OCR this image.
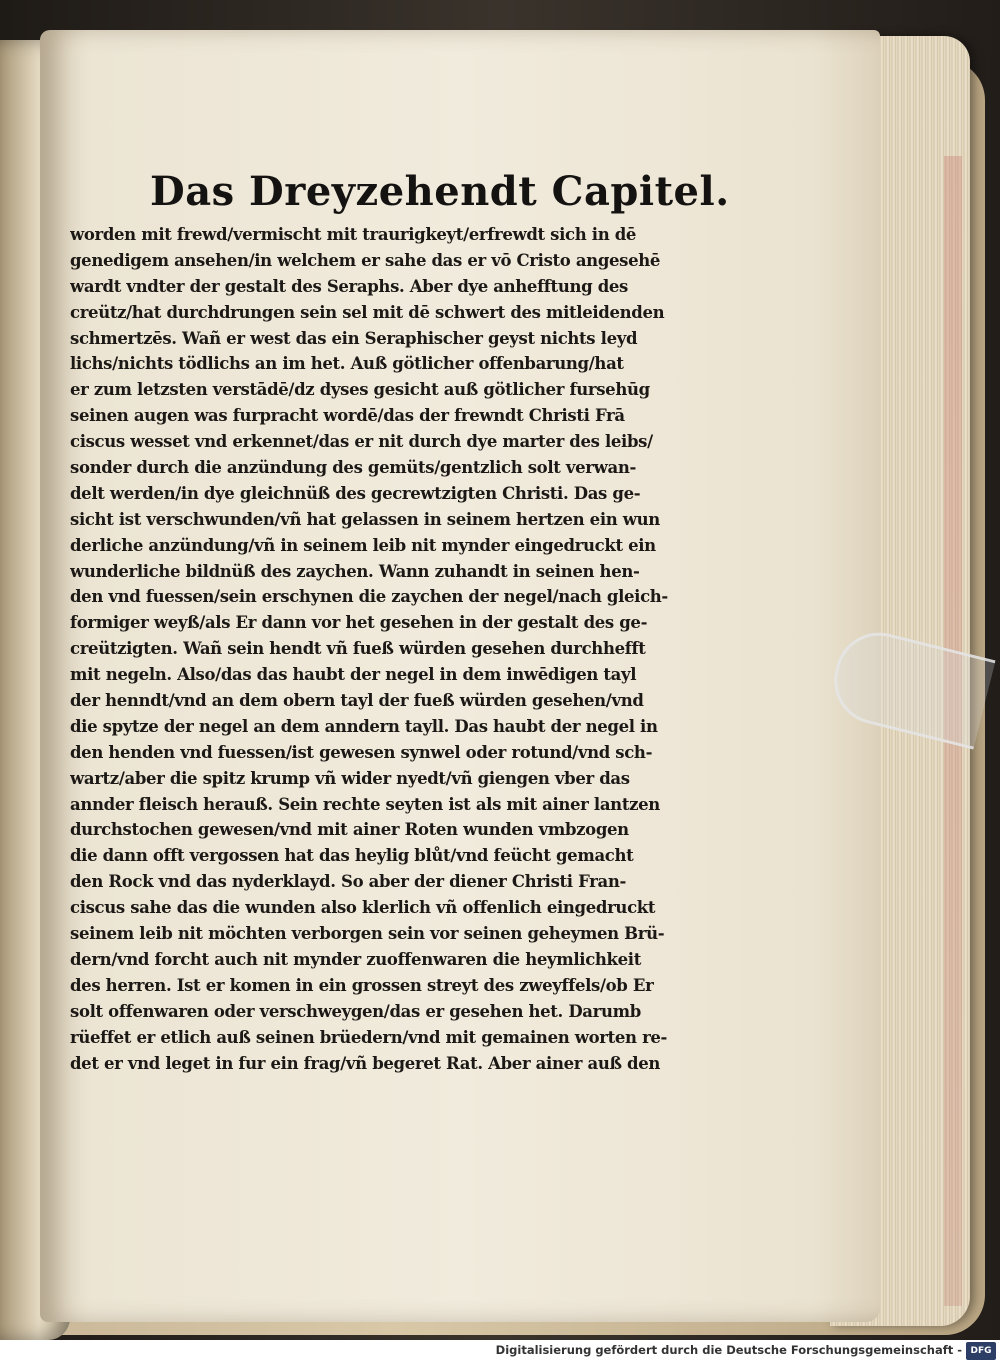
Das Dreyzehendt Capitel.
worden mit frewd/vermischt mit traurigkeyt/erfrewdt sich in dē
genedigem ansehen/in welchem er sahe das er vō Cristo angesehē
wardt vndter der gestalt des Seraphs. Aber dye anhefftung des
creütz/hat durchdrungen sein sel mit dē schwert des mitleidenden
schmertzēs. Wañ er west das ein Seraphischer geyst nichts leyd
lichs/nichts tödlichs an im het. Auß götlicher offenbarung/hat
er zum letzsten verstādē/dz dyses gesicht auß götlicher fursehūg
seinen augen was furpracht wordē/das der frewndt Christi Frā
ciscus wesset vnd erkennet/das er nit durch dye marter des leibs/
sonder durch die anzündung des gemüts/gentzlich solt verwan-
delt werden/in dye gleichnüß des gecrewtzigten Christi. Das ge-
sicht ist verschwunden/vñ hat gelassen in seinem hertzen ein wun
derliche anzündung/vñ in seinem leib nit mynder eingedruckt ein
wunderliche bildnüß des zaychen. Wann zuhandt in seinen hen-
den vnd fuessen/sein erschynen die zaychen der negel/nach gleich-
formiger weyß/als Er dann vor het gesehen in der gestalt des ge-
creützigten. Wañ sein hendt vñ fueß würden gesehen durchhefft
mit negeln. Also/das das haubt der negel in dem inwēdigen tayl
der henndt/vnd an dem obern tayl der fueß würden gesehen/vnd
die spytze der negel an dem anndern tayll. Das haubt der negel in
den henden vnd fuessen/ist gewesen synwel oder rotund/vnd sch-
wartz/aber die spitz krump vñ wider nyedt/vñ giengen vber das
annder fleisch herauß. Sein rechte seyten ist als mit ainer lantzen
durchstochen gewesen/vnd mit ainer Roten wunden vmbzogen
die dann offt vergossen hat das heylig blůt/vnd feücht gemacht
den Rock vnd das nyderklayd. So aber der diener Christi Fran-
ciscus sahe das die wunden also klerlich vñ offenlich eingedruckt
seinem leib nit möchten verborgen sein vor seinen geheymen Brü-
dern/vnd forcht auch nit mynder zuoffenwaren die heymlichkeit
des herren. Ist er komen in ein grossen streyt des zweyffels/ob Er
solt offenwaren oder verschweygen/das er gesehen het. Darumb
rüeffet er etlich auß seinen brüedern/vnd mit gemainen worten re-
det er vnd leget in fur ein frag/vñ begeret Rat. Aber ainer auß den
Digitalisierung gefördert durch die Deutsche Forschungsgemeinschaft - DFG
